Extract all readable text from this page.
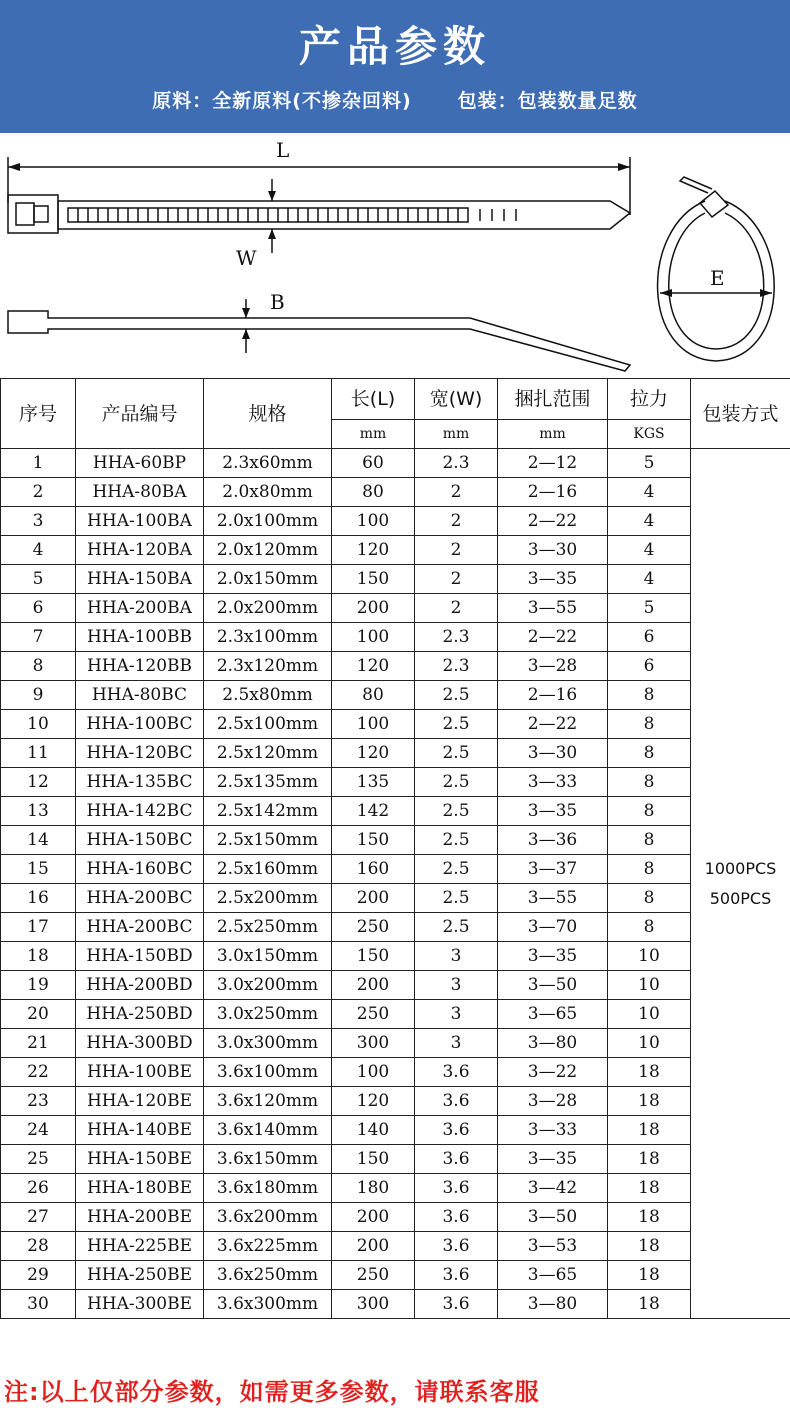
产品参数
原料：全新原料(不掺杂回料) 包装：包装数量足数
L
W
B
E
序号	产品编号	规格	长(L)	宽(W)	捆扎范围	拉力	包装方式
			mm	mm	mm	KGS	
1	HHA-60BP	2.3x60mm	60	2.3	2—12	5	1000PCS
500PCS

2	HHA-80BA	2.0x80mm	80	2	2—16	4	
3	HHA-100BA	2.0x100mm	100	2	2—22	4	
4	HHA-120BA	2.0x120mm	120	2	3—30	4	
5	HHA-150BA	2.0x150mm	150	2	3—35	4	
6	HHA-200BA	2.0x200mm	200	2	3—55	5	
7	HHA-100BB	2.3x100mm	100	2.3	2—22	6	
8	HHA-120BB	2.3x120mm	120	2.3	3—28	6	
9	HHA-80BC	2.5x80mm	80	2.5	2—16	8	
10	HHA-100BC	2.5x100mm	100	2.5	2—22	8	
11	HHA-120BC	2.5x120mm	120	2.5	3—30	8	
12	HHA-135BC	2.5x135mm	135	2.5	3—33	8	
13	HHA-142BC	2.5x142mm	142	2.5	3—35	8	
14	HHA-150BC	2.5x150mm	150	2.5	3—36	8	
15	HHA-160BC	2.5x160mm	160	2.5	3—37	8	
16	HHA-200BC	2.5x200mm	200	2.5	3—55	8	
17	HHA-200BC	2.5x250mm	250	2.5	3—70	8	
18	HHA-150BD	3.0x150mm	150	3	3—35	10	
19	HHA-200BD	3.0x200mm	200	3	3—50	10	
20	HHA-250BD	3.0x250mm	250	3	3—65	10	
21	HHA-300BD	3.0x300mm	300	3	3—80	10	
22	HHA-100BE	3.6x100mm	100	3.6	3—22	18	
23	HHA-120BE	3.6x120mm	120	3.6	3—28	18	
24	HHA-140BE	3.6x140mm	140	3.6	3—33	18	
25	HHA-150BE	3.6x150mm	150	3.6	3—35	18	
26	HHA-180BE	3.6x180mm	180	3.6	3—42	18	
27	HHA-200BE	3.6x200mm	200	3.6	3—50	18	
28	HHA-225BE	3.6x225mm	200	3.6	3—53	18	
29	HHA-250BE	3.6x250mm	250	3.6	3—65	18	
30	HHA-300BE	3.6x300mm	300	3.6	3—80	18	
注:以上仅部分参数，如需更多参数，请联系客服
